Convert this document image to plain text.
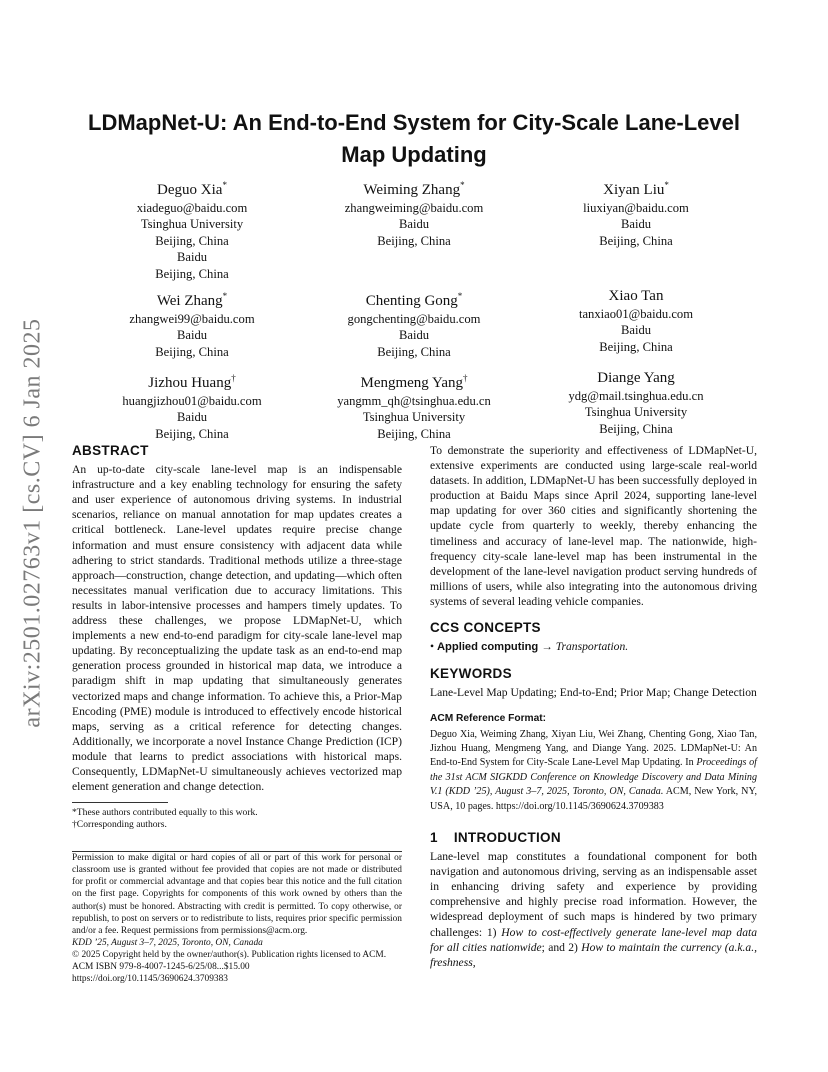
arXiv:2501.02763v1 [cs.CV] 6 Jan 2025
LDMapNet-U: An End-to-End System for City-Scale Lane-Level Map Updating
Deguo Xia*
xiadeguo@baidu.com
Tsinghua University
Beijing, China
Baidu
Beijing, China
Weiming Zhang*
zhangweiming@baidu.com
Baidu
Beijing, China
Xiyan Liu*
liuxiyan@baidu.com
Baidu
Beijing, China
Wei Zhang*
zhangwei99@baidu.com
Baidu
Beijing, China
Chenting Gong*
gongchenting@baidu.com
Baidu
Beijing, China
Xiao Tan
tanxiao01@baidu.com
Baidu
Beijing, China
Jizhou Huang†
huangjizhou01@baidu.com
Baidu
Beijing, China
Mengmeng Yang†
yangmm_qh@tsinghua.edu.cn
Tsinghua University
Beijing, China
Diange Yang
ydg@mail.tsinghua.edu.cn
Tsinghua University
Beijing, China
ABSTRACT

An up-to-date city-scale lane-level map is an indispensable infrastructure and a key enabling technology for ensuring the safety and user experience of autonomous driving systems. In industrial scenarios, reliance on manual annotation for map updates creates a critical bottleneck. Lane-level updates require precise change information and must ensure consistency with adjacent data while adhering to strict standards. Traditional methods utilize a three-stage approach—construction, change detection, and updating—which often necessitates manual verification due to accuracy limitations. This results in labor-intensive processes and hampers timely updates. To address these challenges, we propose LDMapNet-U, which implements a new end-to-end paradigm for city-scale lane-level map updating. By reconceptualizing the update task as an end-to-end map generation process grounded in historical map data, we introduce a paradigm shift in map updating that simultaneously generates vectorized maps and change information. To achieve this, a Prior-Map Encoding (PME) module is introduced to effectively encode historical maps, serving as a critical reference for detecting changes. Additionally, we incorporate a novel Instance Change Prediction (ICP) module that learns to predict associations with historical maps. Consequently, LDMapNet-U simultaneously achieves vectorized map element generation and change detection.

*These authors contributed equally to this work.
†Corresponding authors.

Permission to make digital or hard copies of all or part of this work for personal or classroom use is granted without fee provided that copies are not made or distributed for profit or commercial advantage and that copies bear this notice and the full citation on the first page. Copyrights for components of this work owned by others than the author(s) must be honored. Abstracting with credit is permitted. To copy otherwise, or republish, to post on servers or to redistribute to lists, requires prior specific permission and/or a fee. Request permissions from permissions@acm.org.

KDD ’25, August 3–7, 2025, Toronto, ON, Canada
© 2025 Copyright held by the owner/author(s). Publication rights licensed to ACM.
ACM ISBN 979-8-4007-1245-6/25/08...$15.00
https://doi.org/10.1145/3690624.3709383

To demonstrate the superiority and effectiveness of LDMapNet-U, extensive experiments are conducted using large-scale real-world datasets. In addition, LDMapNet-U has been successfully deployed in production at Baidu Maps since April 2024, supporting lane-level map updating for over 360 cities and significantly shortening the update cycle from quarterly to weekly, thereby enhancing the timeliness and accuracy of lane-level map. The nationwide, high-frequency city-scale lane-level map has been instrumental in the development of the lane-level navigation product serving hundreds of millions of users, while also integrating into the autonomous driving systems of several leading vehicle companies.

CCS CONCEPTS
• Applied computing → Transportation.
KEYWORDS

Lane-Level Map Updating; End-to-End; Prior Map; Change Detection

ACM Reference Format:
Deguo Xia, Weiming Zhang, Xiyan Liu, Wei Zhang, Chenting Gong, Xiao Tan, Jizhou Huang, Mengmeng Yang, and Diange Yang. 2025. LDMapNet-U: An End-to-End System for City-Scale Lane-Level Map Updating. In Proceedings of the 31st ACM SIGKDD Conference on Knowledge Discovery and Data Mining V.1 (KDD ’25), August 3–7, 2025, Toronto, ON, Canada. ACM, New York, NY, USA, 10 pages. https://doi.org/10.1145/3690624.3709383
1 INTRODUCTION

Lane-level map constitutes a foundational component for both navigation and autonomous driving, serving as an indispensable asset in enhancing driving safety and experience by providing comprehensive and highly precise road information. However, the widespread deployment of such maps is hindered by two primary challenges: 1) How to cost-effectively generate lane-level map data for all cities nationwide; and 2) How to maintain the currency (a.k.a., freshness,
